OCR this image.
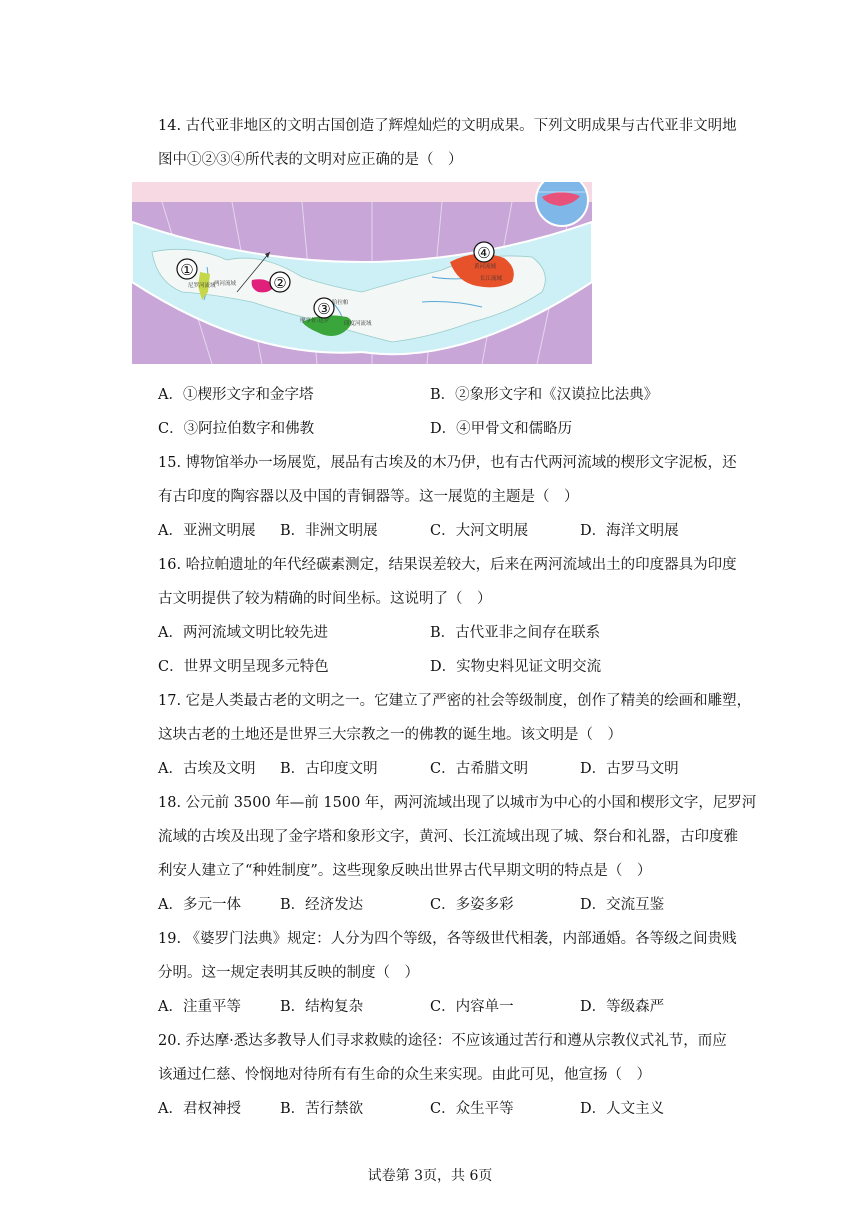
14. 古代亚非地区的文明古国创造了辉煌灿烂的文明成果。下列文明成果与古代亚非文明地
图中①②③④所代表的文明对应正确的是（　）
①
②
③
④
尼罗河流域
两河流域
哈拉帕
摩亨佐·达罗	印度河流域
黄河流域
长江流域
A．①楔形文字和金字塔	B．②象形文字和《汉谟拉比法典》
C．③阿拉伯数字和佛教	D．④甲骨文和儒略历
15. 博物馆举办一场展览，展品有古埃及的木乃伊，也有古代两河流域的楔形文字泥板，还
有古印度的陶容器以及中国的青铜器等。这一展览的主题是（　）
A．亚洲文明展 B．非洲文明展	C．大河文明展	D．海洋文明展
16. 哈拉帕遗址的年代经碳素测定，结果误差较大，后来在两河流域出土的印度器具为印度
古文明提供了较为精确的时间坐标。这说明了（　）
A．两河流域文明比较先进	B．古代亚非之间存在联系
C．世界文明呈现多元特色	D．实物史料见证文明交流
17. 它是人类最古老的文明之一。它建立了严密的社会等级制度，创作了精美的绘画和雕塑，
这块古老的土地还是世界三大宗教之一的佛教的诞生地。该文明是（　）
A．古埃及文明 B．古印度文明	C．古希腊文明	D．古罗马文明
18. 公元前 3500 年—前 1500 年，两河流域出现了以城市为中心的小国和楔形文字，尼罗河
流域的古埃及出现了金字塔和象形文字，黄河、长江流域出现了城、祭台和礼器，古印度雅
利安人建立了“种姓制度”。这些现象反映出世界古代早期文明的特点是（　）
A．多元一体	B．经济发达	C．多姿多彩	D．交流互鉴
19. 《婆罗门法典》规定：人分为四个等级，各等级世代相袭，内部通婚。各等级之间贵贱
分明。这一规定表明其反映的制度（　）
A．注重平等	B．结构复杂	C．内容单一	D．等级森严
20. 乔达摩·悉达多教导人们寻求救赎的途径：不应该通过苦行和遵从宗教仪式礼节，而应
该通过仁慈、怜悯地对待所有有生命的众生来实现。由此可见，他宣扬（　）
A．君权神授	B．苦行禁欲	C．众生平等	D．人文主义
试卷第 3页，共 6页
